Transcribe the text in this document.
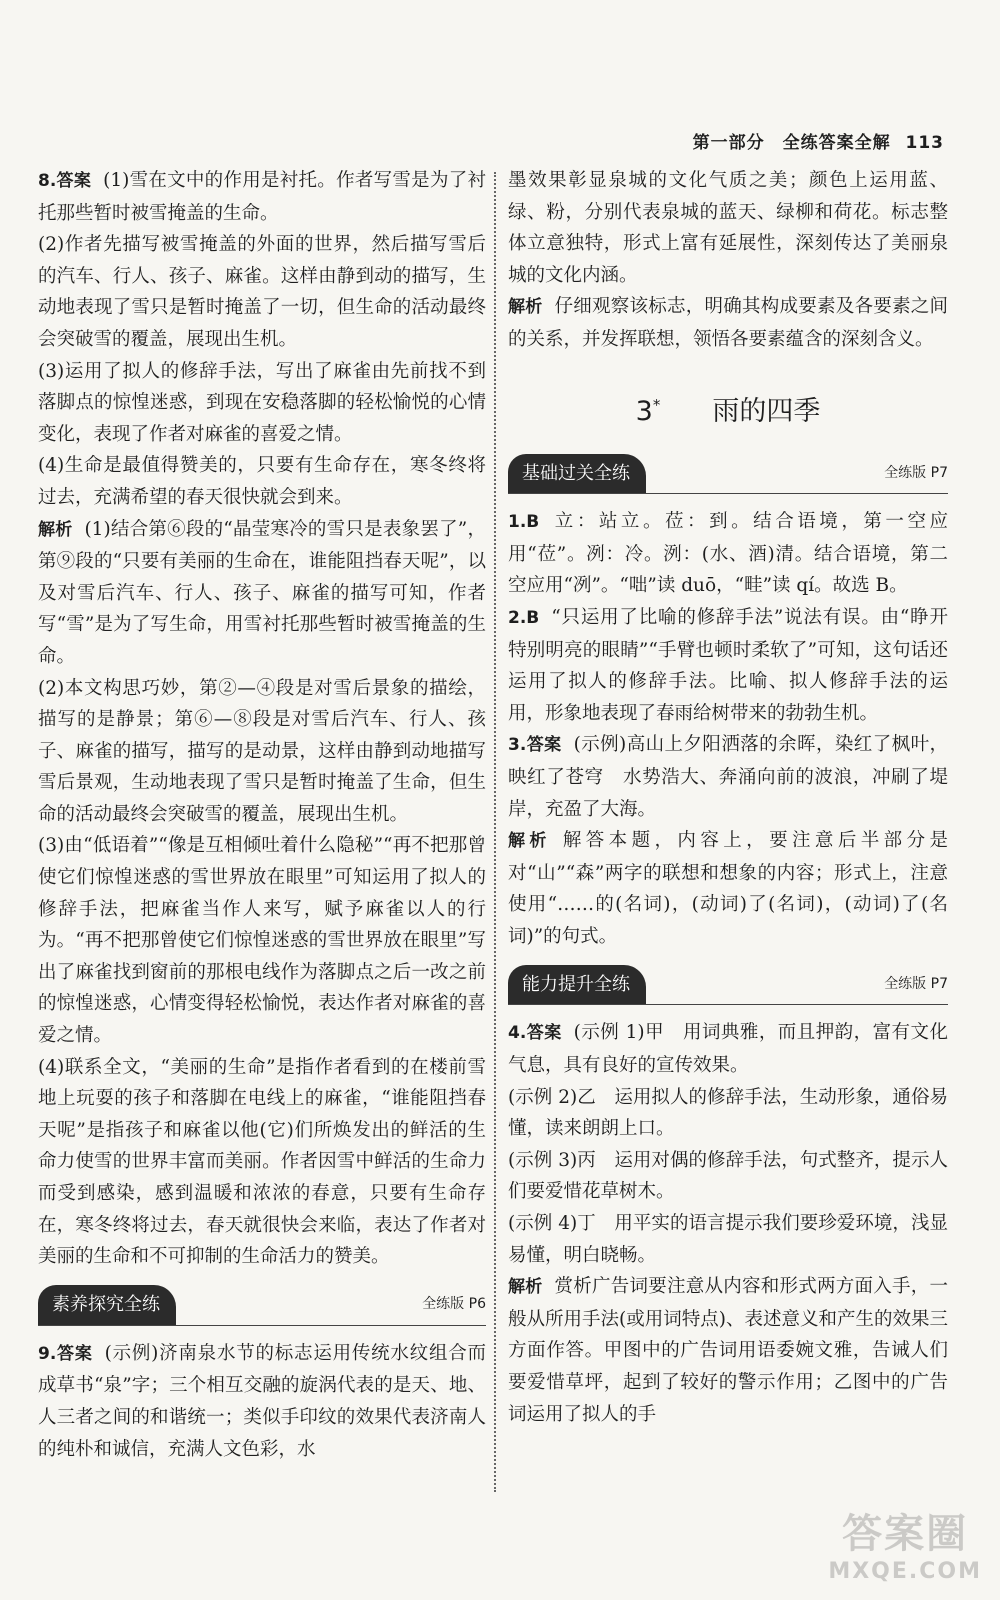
第一部分　全练答案全解 113

8.答案 (1)雪在文中的作用是衬托。作者写雪是为了衬托那些暂时被雪掩盖的生命。

(2)作者先描写被雪掩盖的外面的世界，然后描写雪后的汽车、行人、孩子、麻雀。这样由静到动的描写，生动地表现了雪只是暂时掩盖了一切，但生命的活动最终会突破雪的覆盖，展现出生机。

(3)运用了拟人的修辞手法，写出了麻雀由先前找不到落脚点的惊惶迷惑，到现在安稳落脚的轻松愉悦的心情变化，表现了作者对麻雀的喜爱之情。

(4)生命是最值得赞美的，只要有生命存在，寒冬终将过去，充满希望的春天很快就会到来。

解析 (1)结合第⑥段的“晶莹寒冷的雪只是表象罢了”，第⑨段的“只要有美丽的生命在，谁能阻挡春天呢”，以及对雪后汽车、行人、孩子、麻雀的描写可知，作者写“雪”是为了写生命，用雪衬托那些暂时被雪掩盖的生命。

(2)本文构思巧妙，第②—④段是对雪后景象的描绘，描写的是静景；第⑥—⑧段是对雪后汽车、行人、孩子、麻雀的描写，描写的是动景，这样由静到动地描写雪后景观，生动地表现了雪只是暂时掩盖了生命，但生命的活动最终会突破雪的覆盖，展现出生机。

(3)由“低语着”“像是互相倾吐着什么隐秘”“再不把那曾使它们惊惶迷惑的雪世界放在眼里”可知运用了拟人的修辞手法，把麻雀当作人来写，赋予麻雀以人的行为。“再不把那曾使它们惊惶迷惑的雪世界放在眼里”写出了麻雀找到窗前的那根电线作为落脚点之后一改之前的惊惶迷惑，心情变得轻松愉悦，表达作者对麻雀的喜爱之情。

(4)联系全文，“美丽的生命”是指作者看到的在楼前雪地上玩耍的孩子和落脚在电线上的麻雀，“谁能阻挡春天呢”是指孩子和麻雀以他(它)们所焕发出的鲜活的生命力使雪的世界丰富而美丽。作者因雪中鲜活的生命力而受到感染，感到温暖和浓浓的春意，只要有生命存在，寒冬终将过去，春天就很快会来临，表达了作者对美丽的生命和不可抑制的生命活力的赞美。

素养探究全练	全练版 P6

9.答案 (示例)济南泉水节的标志运用传统水纹组合而成草书“泉”字；三个相互交融的旋涡代表的是天、地、人三者之间的和谐统一；类似手印纹的效果代表济南人的纯朴和诚信，充满人文色彩，水

墨效果彰显泉城的文化气质之美；颜色上运用蓝、绿、粉，分别代表泉城的蓝天、绿柳和荷花。标志整体立意独特，形式上富有延展性，深刻传达了美丽泉城的文化内涵。

解析 仔细观察该标志，明确其构成要素及各要素之间的关系，并发挥联想，领悟各要素蕴含的深刻含义。

3* 雨的四季
基础过关全练	全练版 P7

1.B 立：站立。莅：到。结合语境，第一空应用“莅”。冽：冷。洌：(水、酒)清。结合语境，第二空应用“冽”。“咄”读 duō，“畦”读 qí。故选 B。

2.B “只运用了比喻的修辞手法”说法有误。由“睁开特别明亮的眼睛”“手臂也顿时柔软了”可知，这句话还运用了拟人的修辞手法。比喻、拟人修辞手法的运用，形象地表现了春雨给树带来的勃勃生机。

3.答案 (示例)高山上夕阳洒落的余晖，染红了枫叶，映红了苍穹　水势浩大、奔涌向前的波浪，冲刷了堤岸，充盈了大海。

解析 解答本题，内容上，要注意后半部分是对“山”“森”两字的联想和想象的内容；形式上，注意使用“……的(名词)，(动词)了(名词)，(动词)了(名词)”的句式。

能力提升全练	全练版 P7

4.答案 (示例 1)甲　用词典雅，而且押韵，富有文化气息，具有良好的宣传效果。

(示例 2)乙　运用拟人的修辞手法，生动形象，通俗易懂，读来朗朗上口。

(示例 3)丙　运用对偶的修辞手法，句式整齐，提示人们要爱惜花草树木。

(示例 4)丁　用平实的语言提示我们要珍爱环境，浅显易懂，明白晓畅。

解析 赏析广告词要注意从内容和形式两方面入手，一般从所用手法(或用词特点)、表述意义和产生的效果三方面作答。甲图中的广告词用语委婉文雅，告诫人们要爱惜草坪，起到了较好的警示作用；乙图中的广告词运用了拟人的手

答案圈
MXQE.COM
